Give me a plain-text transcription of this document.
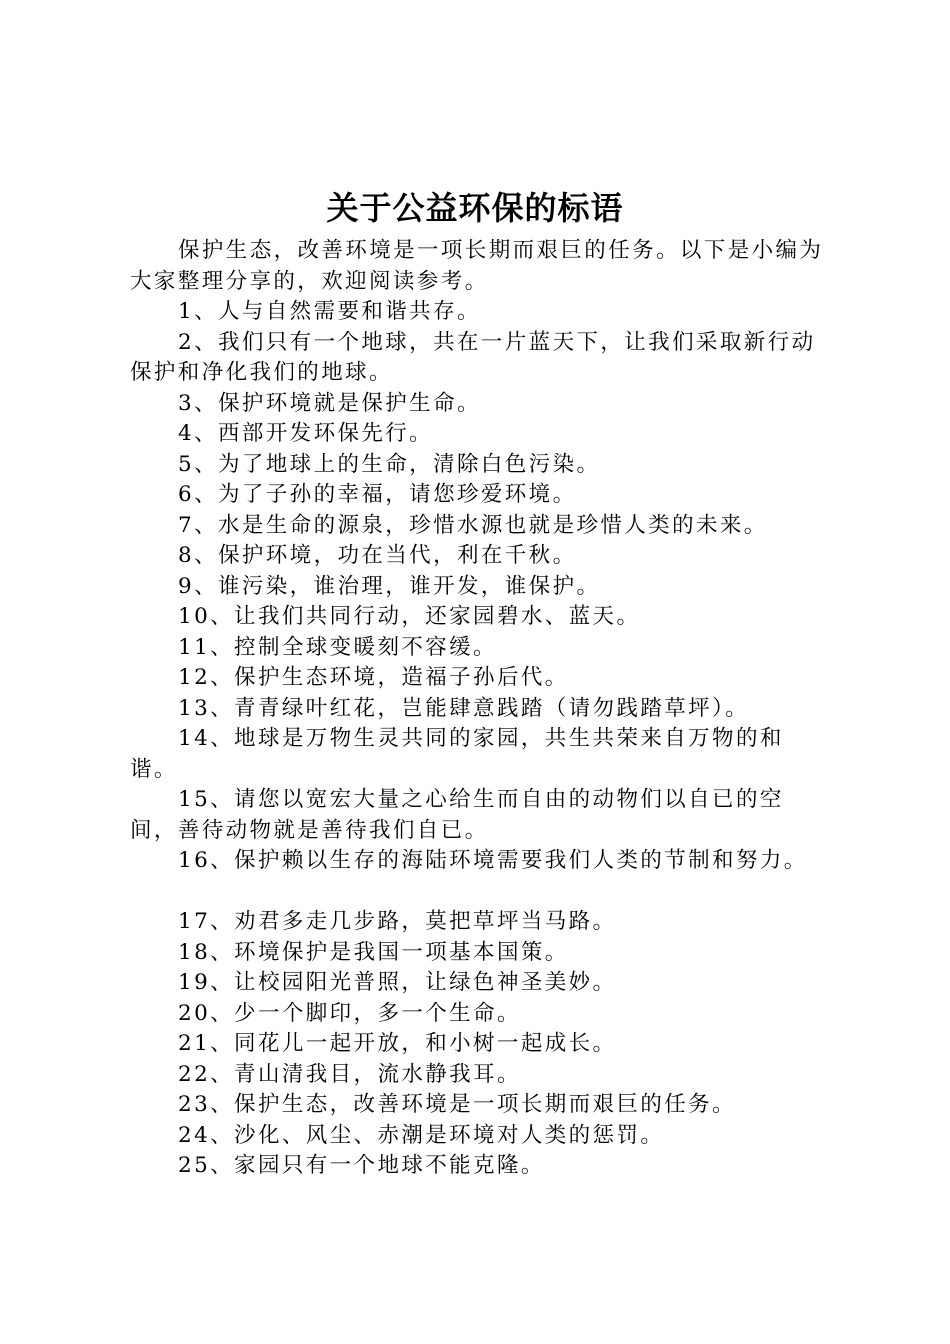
关于公益环保的标语

保护生态，改善环境是一项长期而艰巨的任务。以下是小编为大家整理分享的，欢迎阅读参考。

1、人与自然需要和谐共存。

2、我们只有一个地球，共在一片蓝天下，让我们采取新行动保护和净化我们的地球。

3、保护环境就是保护生命。

4、西部开发环保先行。

5、为了地球上的生命，清除白色污染。

6、为了子孙的幸福，请您珍爱环境。

7、水是生命的源泉，珍惜水源也就是珍惜人类的未来。

8、保护环境，功在当代，利在千秋。

9、谁污染，谁治理，谁开发，谁保护。

10、让我们共同行动，还家园碧水、蓝天。

11、控制全球变暖刻不容缓。

12、保护生态环境，造福子孙后代。

13、青青绿叶红花，岂能肆意践踏（请勿践踏草坪）。

14、地球是万物生灵共同的家园，共生共荣来自万物的和谐。

15、请您以宽宏大量之心给生而自由的动物们以自已的空间，善待动物就是善待我们自已。

16、保护赖以生存的海陆环境需要我们人类的节制和努力。

17、劝君多走几步路，莫把草坪当马路。

18、环境保护是我国一项基本国策。

19、让校园阳光普照，让绿色神圣美妙。

20、少一个脚印，多一个生命。

21、同花儿一起开放，和小树一起成长。

22、青山清我目，流水静我耳。

23、保护生态，改善环境是一项长期而艰巨的任务。

24、沙化、风尘、赤潮是环境对人类的惩罚。

25、家园只有一个地球不能克隆。
